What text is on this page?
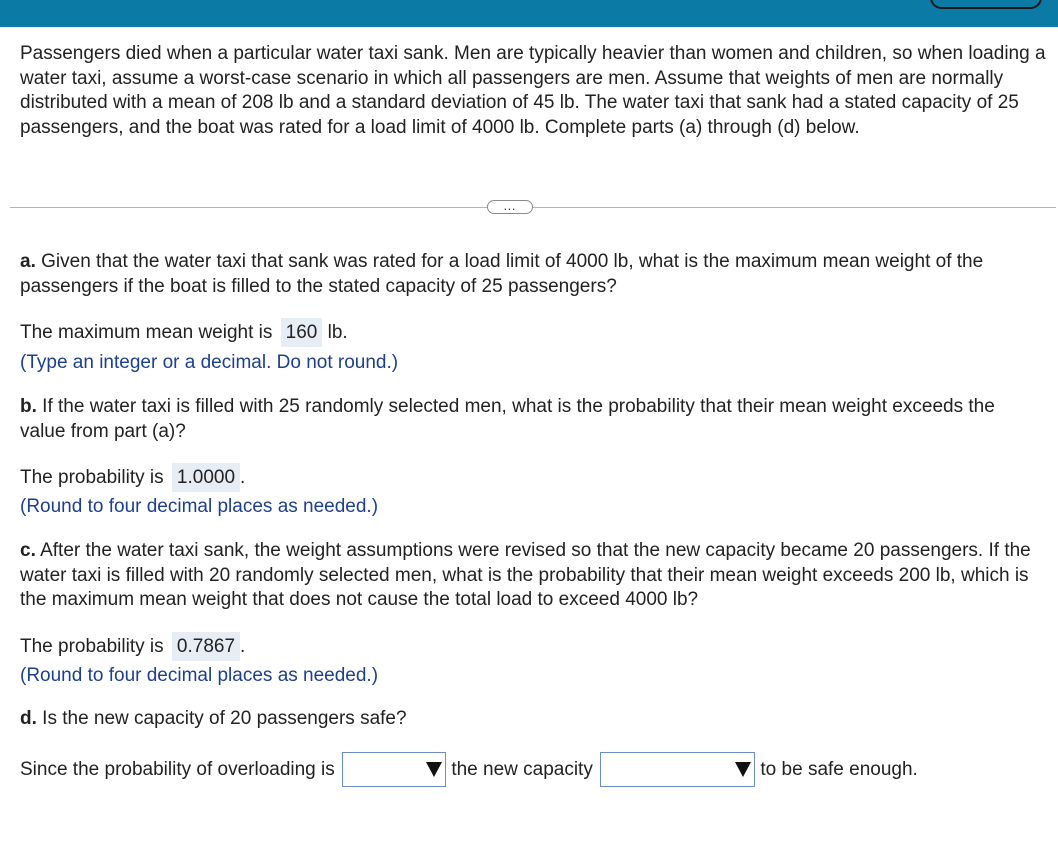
Passengers died when a particular water taxi sank. Men are typically heavier than women and children, so when loading a water taxi, assume a worst-case scenario in which all passengers are men. Assume that weights of men are normally distributed with a mean of 208 lb and a standard deviation of 45 lb. The water taxi that sank had a stated capacity of 25 passengers, and the boat was rated for a load limit of 4000 lb. Complete parts (a) through (d) below.

…

a. Given that the water taxi that sank was rated for a load limit of 4000 lb, what is the maximum mean weight of the passengers if the boat is filled to the stated capacity of 25 passengers?

The maximum mean weight is 160 lb.
(Type an integer or a decimal. Do not round.)

b. If the water taxi is filled with 25 randomly selected men, what is the probability that their mean weight exceeds the value from part (a)?

The probability is 1.0000 .
(Round to four decimal places as needed.)

c. After the water taxi sank, the weight assumptions were revised so that the new capacity became 20 passengers. If the water taxi is filled with 20 randomly selected men, what is the probability that their mean weight exceeds 200 lb, which is the maximum mean weight that does not cause the total load to exceed 4000 lb?

The probability is 0.7867 .
(Round to four decimal places as needed.)
d. Is the new capacity of 20 passengers safe?
Since the probability of overloading is	the new capacity	to be safe enough.
